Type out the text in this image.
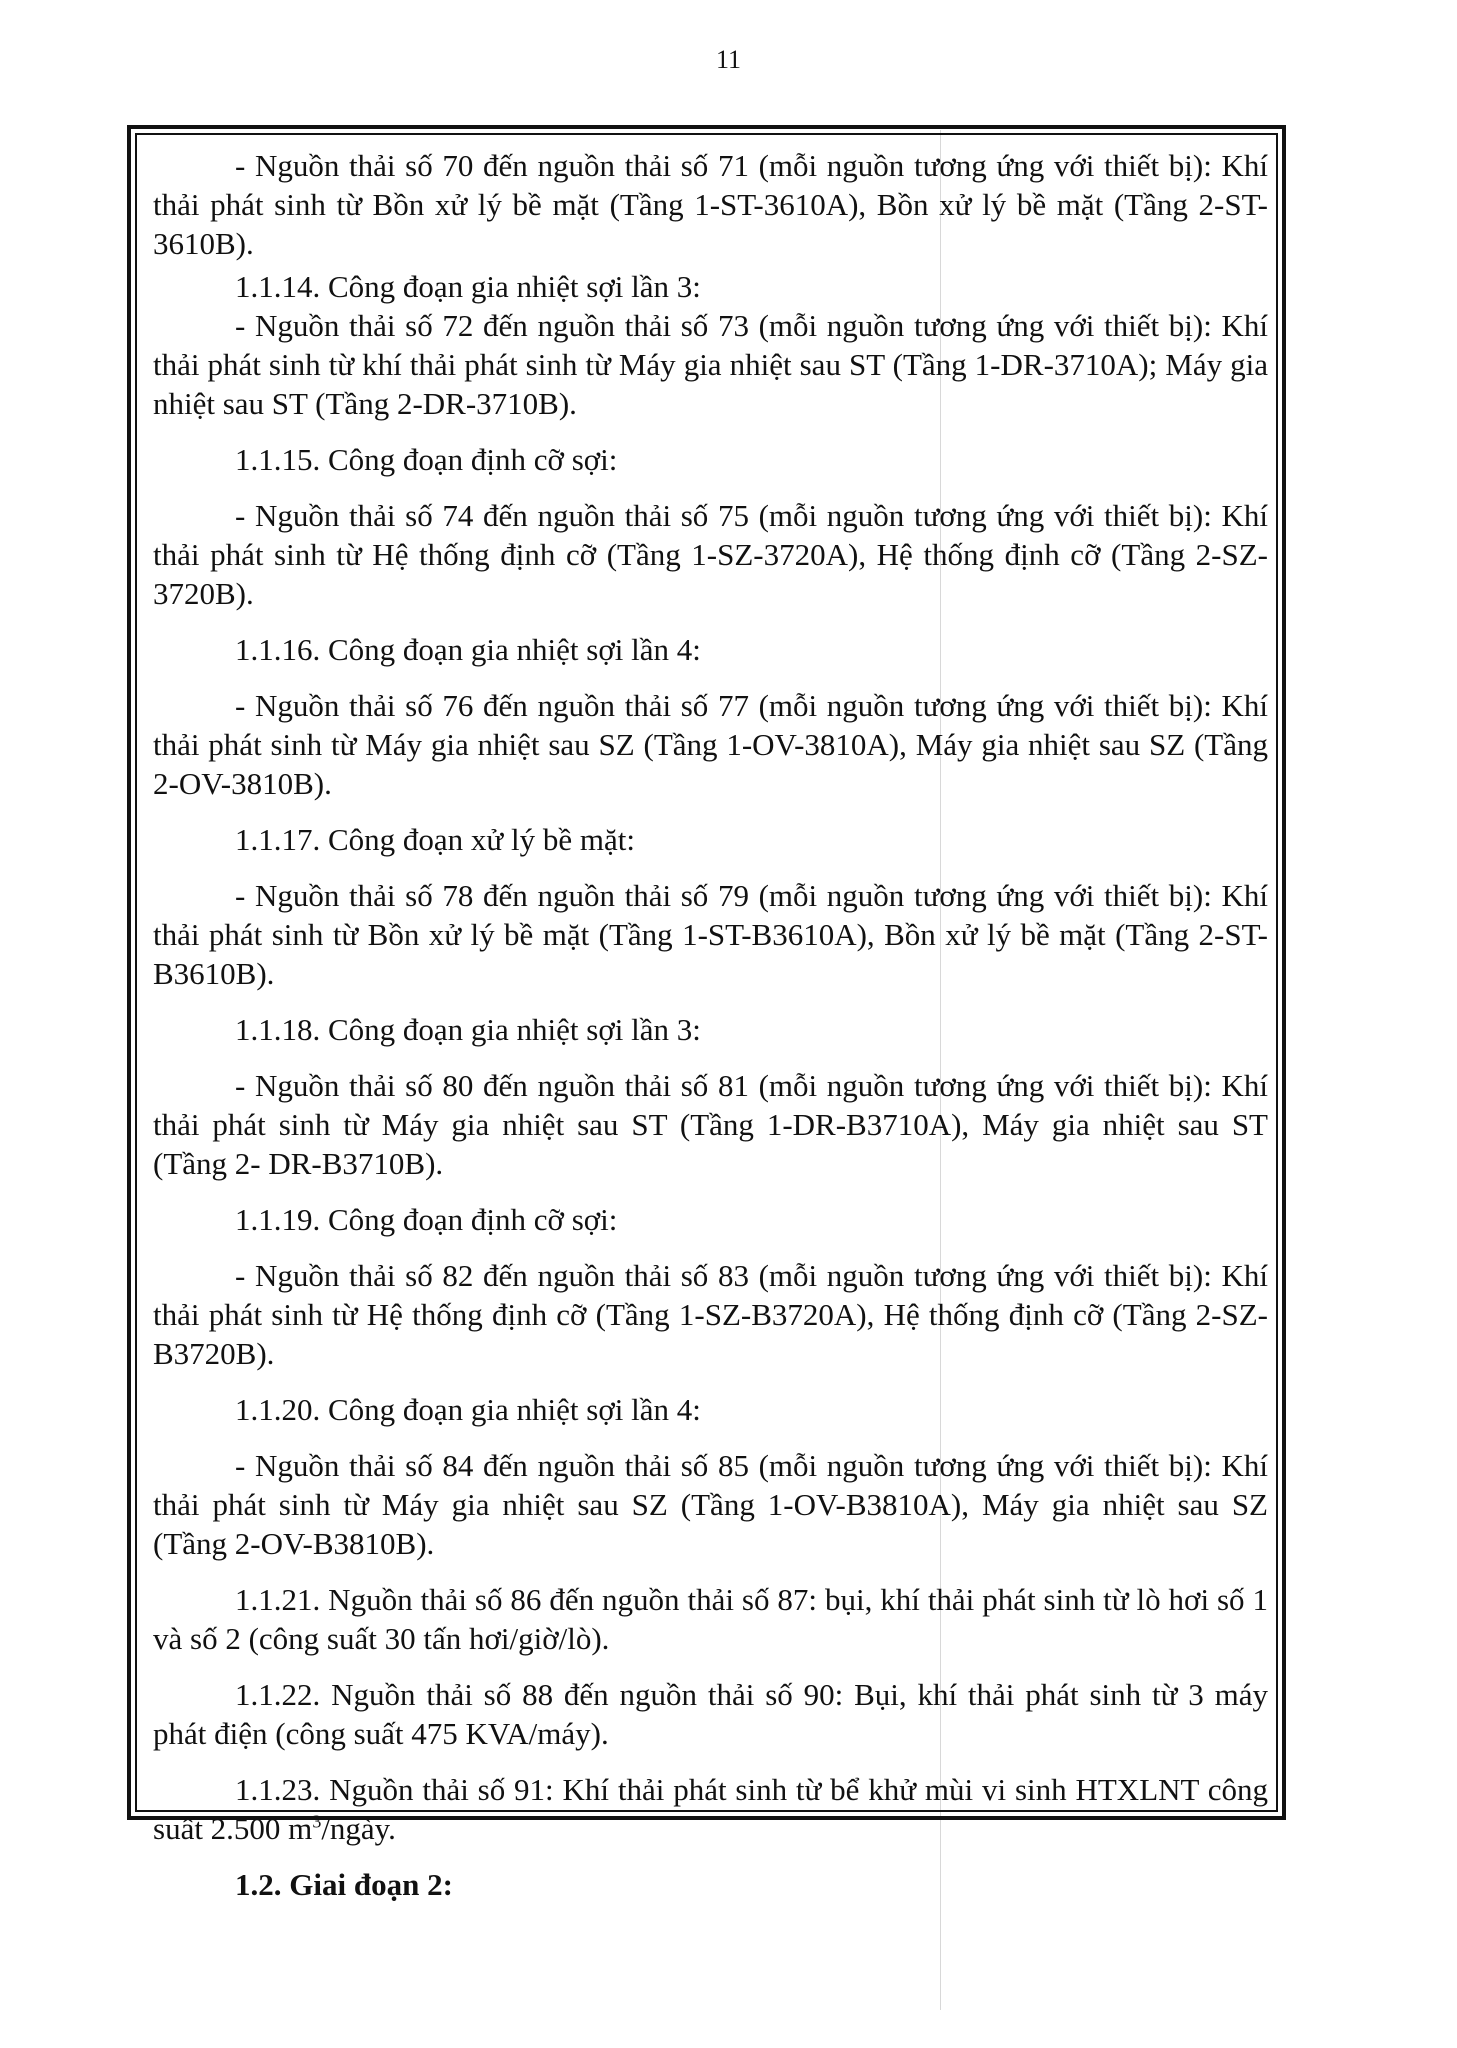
11

- Nguồn thải số 70 đến nguồn thải số 71 (mỗi nguồn tương ứng với thiết bị): Khí thải phát sinh từ Bồn xử lý bề mặt (Tầng 1-ST-3610A), Bồn xử lý bề mặt (Tầng 2-ST-3610B).

1.1.14. Công đoạn gia nhiệt sợi lần 3:

- Nguồn thải số 72 đến nguồn thải số 73 (mỗi nguồn tương ứng với thiết bị): Khí thải phát sinh từ khí thải phát sinh từ Máy gia nhiệt sau ST (Tầng 1-DR-3710A); Máy gia nhiệt sau ST (Tầng 2-DR-3710B).

1.1.15. Công đoạn định cỡ sợi:

- Nguồn thải số 74 đến nguồn thải số 75 (mỗi nguồn tương ứng với thiết bị): Khí thải phát sinh từ Hệ thống định cỡ (Tầng 1-SZ-3720A), Hệ thống định cỡ (Tầng 2-SZ-3720B).

1.1.16. Công đoạn gia nhiệt sợi lần 4:

- Nguồn thải số 76 đến nguồn thải số 77 (mỗi nguồn tương ứng với thiết bị): Khí thải phát sinh từ Máy gia nhiệt sau SZ (Tầng 1-OV-3810A), Máy gia nhiệt sau SZ (Tầng 2-OV-3810B).

1.1.17. Công đoạn xử lý bề mặt:

- Nguồn thải số 78 đến nguồn thải số 79 (mỗi nguồn tương ứng với thiết bị): Khí thải phát sinh từ Bồn xử lý bề mặt (Tầng 1-ST-B3610A), Bồn xử lý bề mặt (Tầng 2-ST-B3610B).

1.1.18. Công đoạn gia nhiệt sợi lần 3:

- Nguồn thải số 80 đến nguồn thải số 81 (mỗi nguồn tương ứng với thiết bị): Khí thải phát sinh từ Máy gia nhiệt sau ST (Tầng 1-DR-B3710A), Máy gia nhiệt sau ST (Tầng 2- DR-B3710B).

1.1.19. Công đoạn định cỡ sợi:

- Nguồn thải số 82 đến nguồn thải số 83 (mỗi nguồn tương ứng với thiết bị): Khí thải phát sinh từ Hệ thống định cỡ (Tầng 1-SZ-B3720A), Hệ thống định cỡ (Tầng 2-SZ-B3720B).

1.1.20. Công đoạn gia nhiệt sợi lần 4:

- Nguồn thải số 84 đến nguồn thải số 85 (mỗi nguồn tương ứng với thiết bị): Khí thải phát sinh từ Máy gia nhiệt sau SZ (Tầng 1-OV-B3810A), Máy gia nhiệt sau SZ (Tầng 2-OV-B3810B).

1.1.21. Nguồn thải số 86 đến nguồn thải số 87: bụi, khí thải phát sinh từ lò hơi số 1 và số 2 (công suất 30 tấn hơi/giờ/lò).

1.1.22. Nguồn thải số 88 đến nguồn thải số 90: Bụi, khí thải phát sinh từ 3 máy phát điện (công suất 475 KVA/máy).

1.1.23. Nguồn thải số 91: Khí thải phát sinh từ bể khử mùi vi sinh HTXLNT công suất 2.500 $m^3$/ngày.

1.2. Giai đoạn 2:
